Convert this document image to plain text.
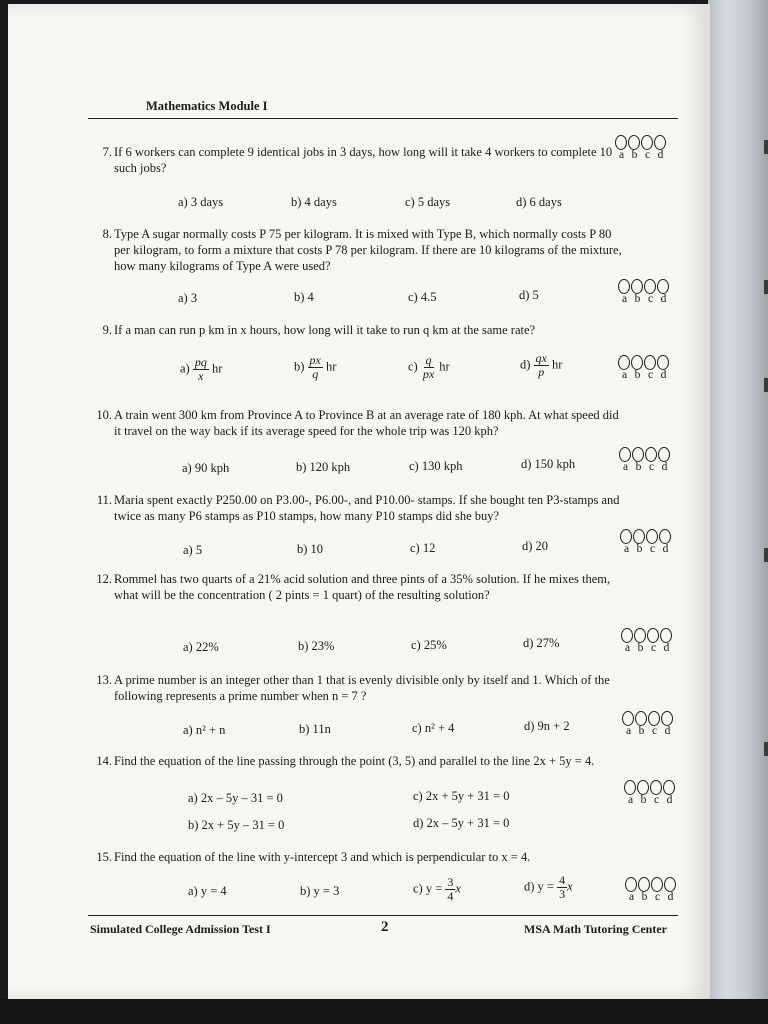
Mathematics Module I
7. If 6 workers can complete 9 identical jobs in 3 days, how long will it take 4 workers to complete 10 such jobs?
a) 3 days	b) 4 days	c) 5 days	d) 6 days
8. Type A sugar normally costs P 75 per kilogram. It is mixed with Type B, which normally costs P 80 per kilogram, to form a mixture that costs P 78 per kilogram. If there are 10 kilograms of the mixture, how many kilograms of Type A were used?
a) 3	b) 4	c) 4.5	d) 5
9. If a man can run p km in x hours, how long will it take to run q km at the same rate?
$a) \frac{pq}{x}$ hr	$b) \frac{px}{q}$ hr	$c) \frac{q}{px}$ hr	$d) \frac{qx}{p}$ hr
10. A train went 300 km from Province A to Province B at an average rate of 180 kph. At what speed did it travel on the way back if its average speed for the whole trip was 120 kph?
a) 90 kph	b) 120 kph	c) 130 kph	d) 150 kph
11. Maria spent exactly P250.00 on P3.00-, P6.00-, and P10.00- stamps. If she bought ten P3-stamps and twice as many P6 stamps as P10 stamps, how many P10 stamps did she buy?
a) 5	b) 10	c) 12	d) 20
12. Rommel has two quarts of a 21% acid solution and three pints of a 35% solution. If he mixes them, what will be the concentration ( 2 pints = 1 quart) of the resulting solution?
a) 22%	b) 23%	c) 25%	d) 27%
13. A prime number is an integer other than 1 that is evenly divisible only by itself and 1. Which of the following represents a prime number when n = 7 ?
a) n² + n	b) 11n	c) n² + 4	d) 9n + 2
14. Find the equation of the line passing through the point (3, 5) and parallel to the line 2x + 5y = 4.
a) 2x – 5y – 31 = 0	c) 2x + 5y + 31 = 0
b) 2x + 5y – 31 = 0	d) 2x – 5y + 31 = 0
15. Find the equation of the line with y-intercept 3 and which is perpendicular to x = 4.
a) y = 4	b) y = 3	c) $y = \frac{3}{4}$ x	d) $y = \frac{4}{3}$ x
a b c d
a b c d
a b c d
a b c d
a b c d
a b c d
a b c d
a b c d
a b c d
Simulated College Admission Test I	2	MSA Math Tutoring Center
